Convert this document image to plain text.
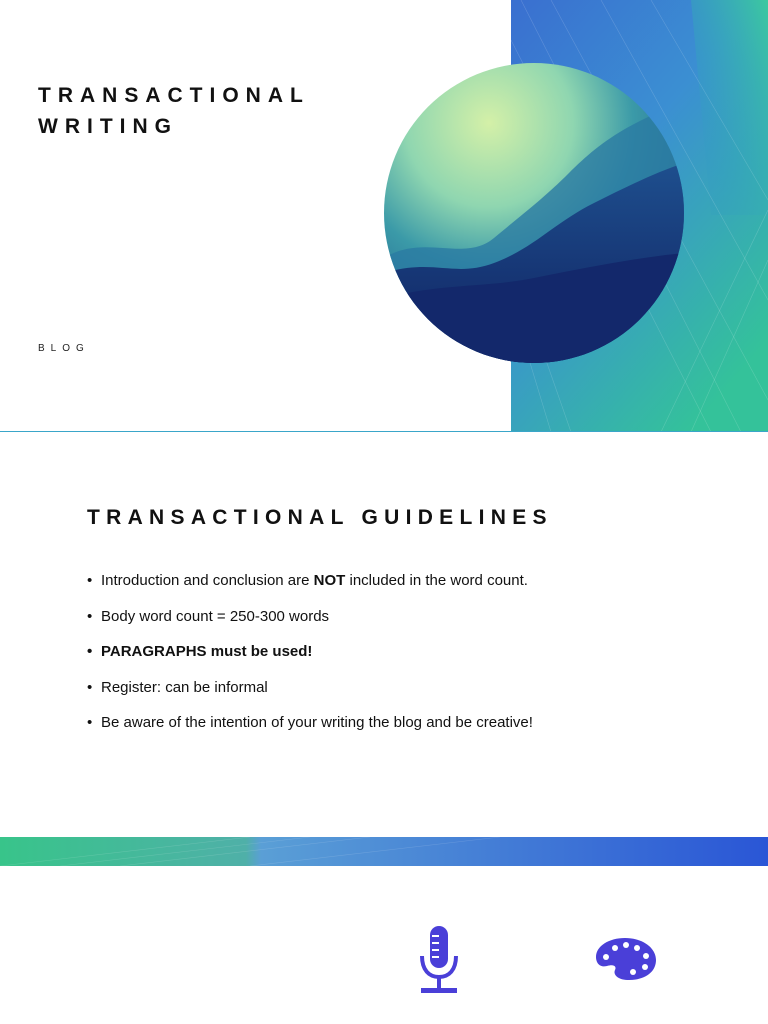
TRANSACTIONAL
WRITING
BLOG
TRANSACTIONAL GUIDELINES
• Introduction and conclusion are NOT included in the word count.
• Body word count = 250-300 words
• PARAGRAPHS must be used!
• Register: can be informal
• Be aware of the intention of your writing the blog and be creative!
